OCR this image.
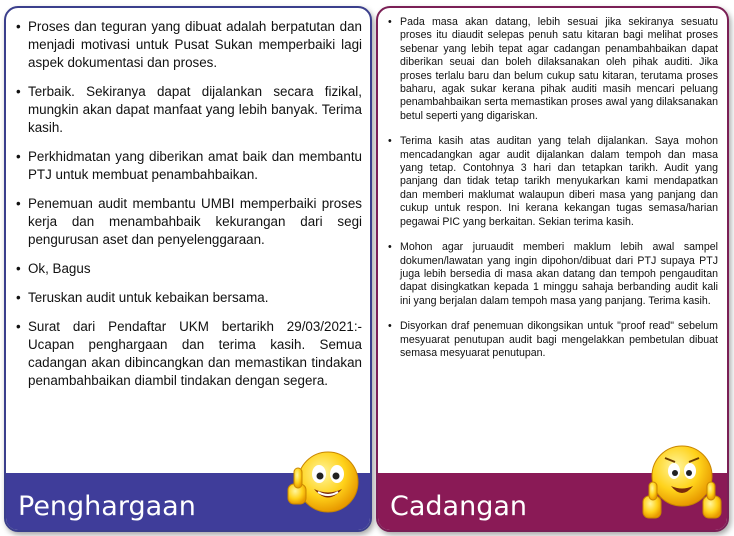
• Proses dan teguran yang dibuat adalah berpatutan dan menjadi motivasi untuk Pusat Sukan memperbaiki lagi aspek dokumentasi dan proses.
• Terbaik. Sekiranya dapat dijalankan secara fizikal, mungkin akan dapat manfaat yang lebih banyak. Terima kasih.
• Perkhidmatan yang diberikan amat baik dan membantu PTJ untuk membuat penambahbaikan.
• Penemuan audit membantu UMBI memperbaiki proses kerja dan menambahbaik kekurangan dari segi pengurusan aset dan penyelenggaraan.
• Ok, Bagus
• Teruskan audit untuk kebaikan bersama.
• Surat dari Pendaftar UKM bertarikh 29/03/2021:- Ucapan penghargaan dan terima kasih. Semua cadangan akan dibincangkan dan memastikan tindakan penambahbaikan diambil tindakan dengan segera.
Penghargaan
• Pada masa akan datang, lebih sesuai jika sekiranya sesuatu proses itu diaudit selepas penuh satu kitaran bagi melihat proses sebenar yang lebih tepat agar cadangan penambahbaikan dapat diberikan seuai dan boleh dilaksanakan oleh pihak auditi. Jika proses terlalu baru dan belum cukup satu kitaran, terutama proses baharu, agak sukar kerana pihak auditi masih mencari peluang penambahbaikan serta memastikan proses awal yang dilaksanakan betul seperti yang digariskan.
• Terima kasih atas auditan yang telah dijalankan. Saya mohon mencadangkan agar audit dijalankan dalam tempoh dan masa yang tetap. Contohnya 3 hari dan tetapkan tarikh. Audit yang panjang dan tidak tetap tarikh menyukarkan kami mendapatkan dan memberi maklumat walaupun diberi masa yang panjang dan cukup untuk respon. Ini kerana kekangan tugas semasa/harian pegawai PIC yang berkaitan. Sekian terima kasih.
• Mohon agar juruaudit memberi maklum lebih awal sampel dokumen/lawatan yang ingin dipohon/dibuat dari PTJ supaya PTJ juga lebih bersedia di masa akan datang dan tempoh pengauditan dapat disingkatkan kepada 1 minggu sahaja berbanding audit kali ini yang berjalan dalam tempoh masa yang panjang. Terima kasih.
• Disyorkan draf penemuan dikongsikan untuk "proof read" sebelum mesyuarat penutupan audit bagi mengelakkan pembetulan dibuat semasa mesyuarat penutupan.
Cadangan
